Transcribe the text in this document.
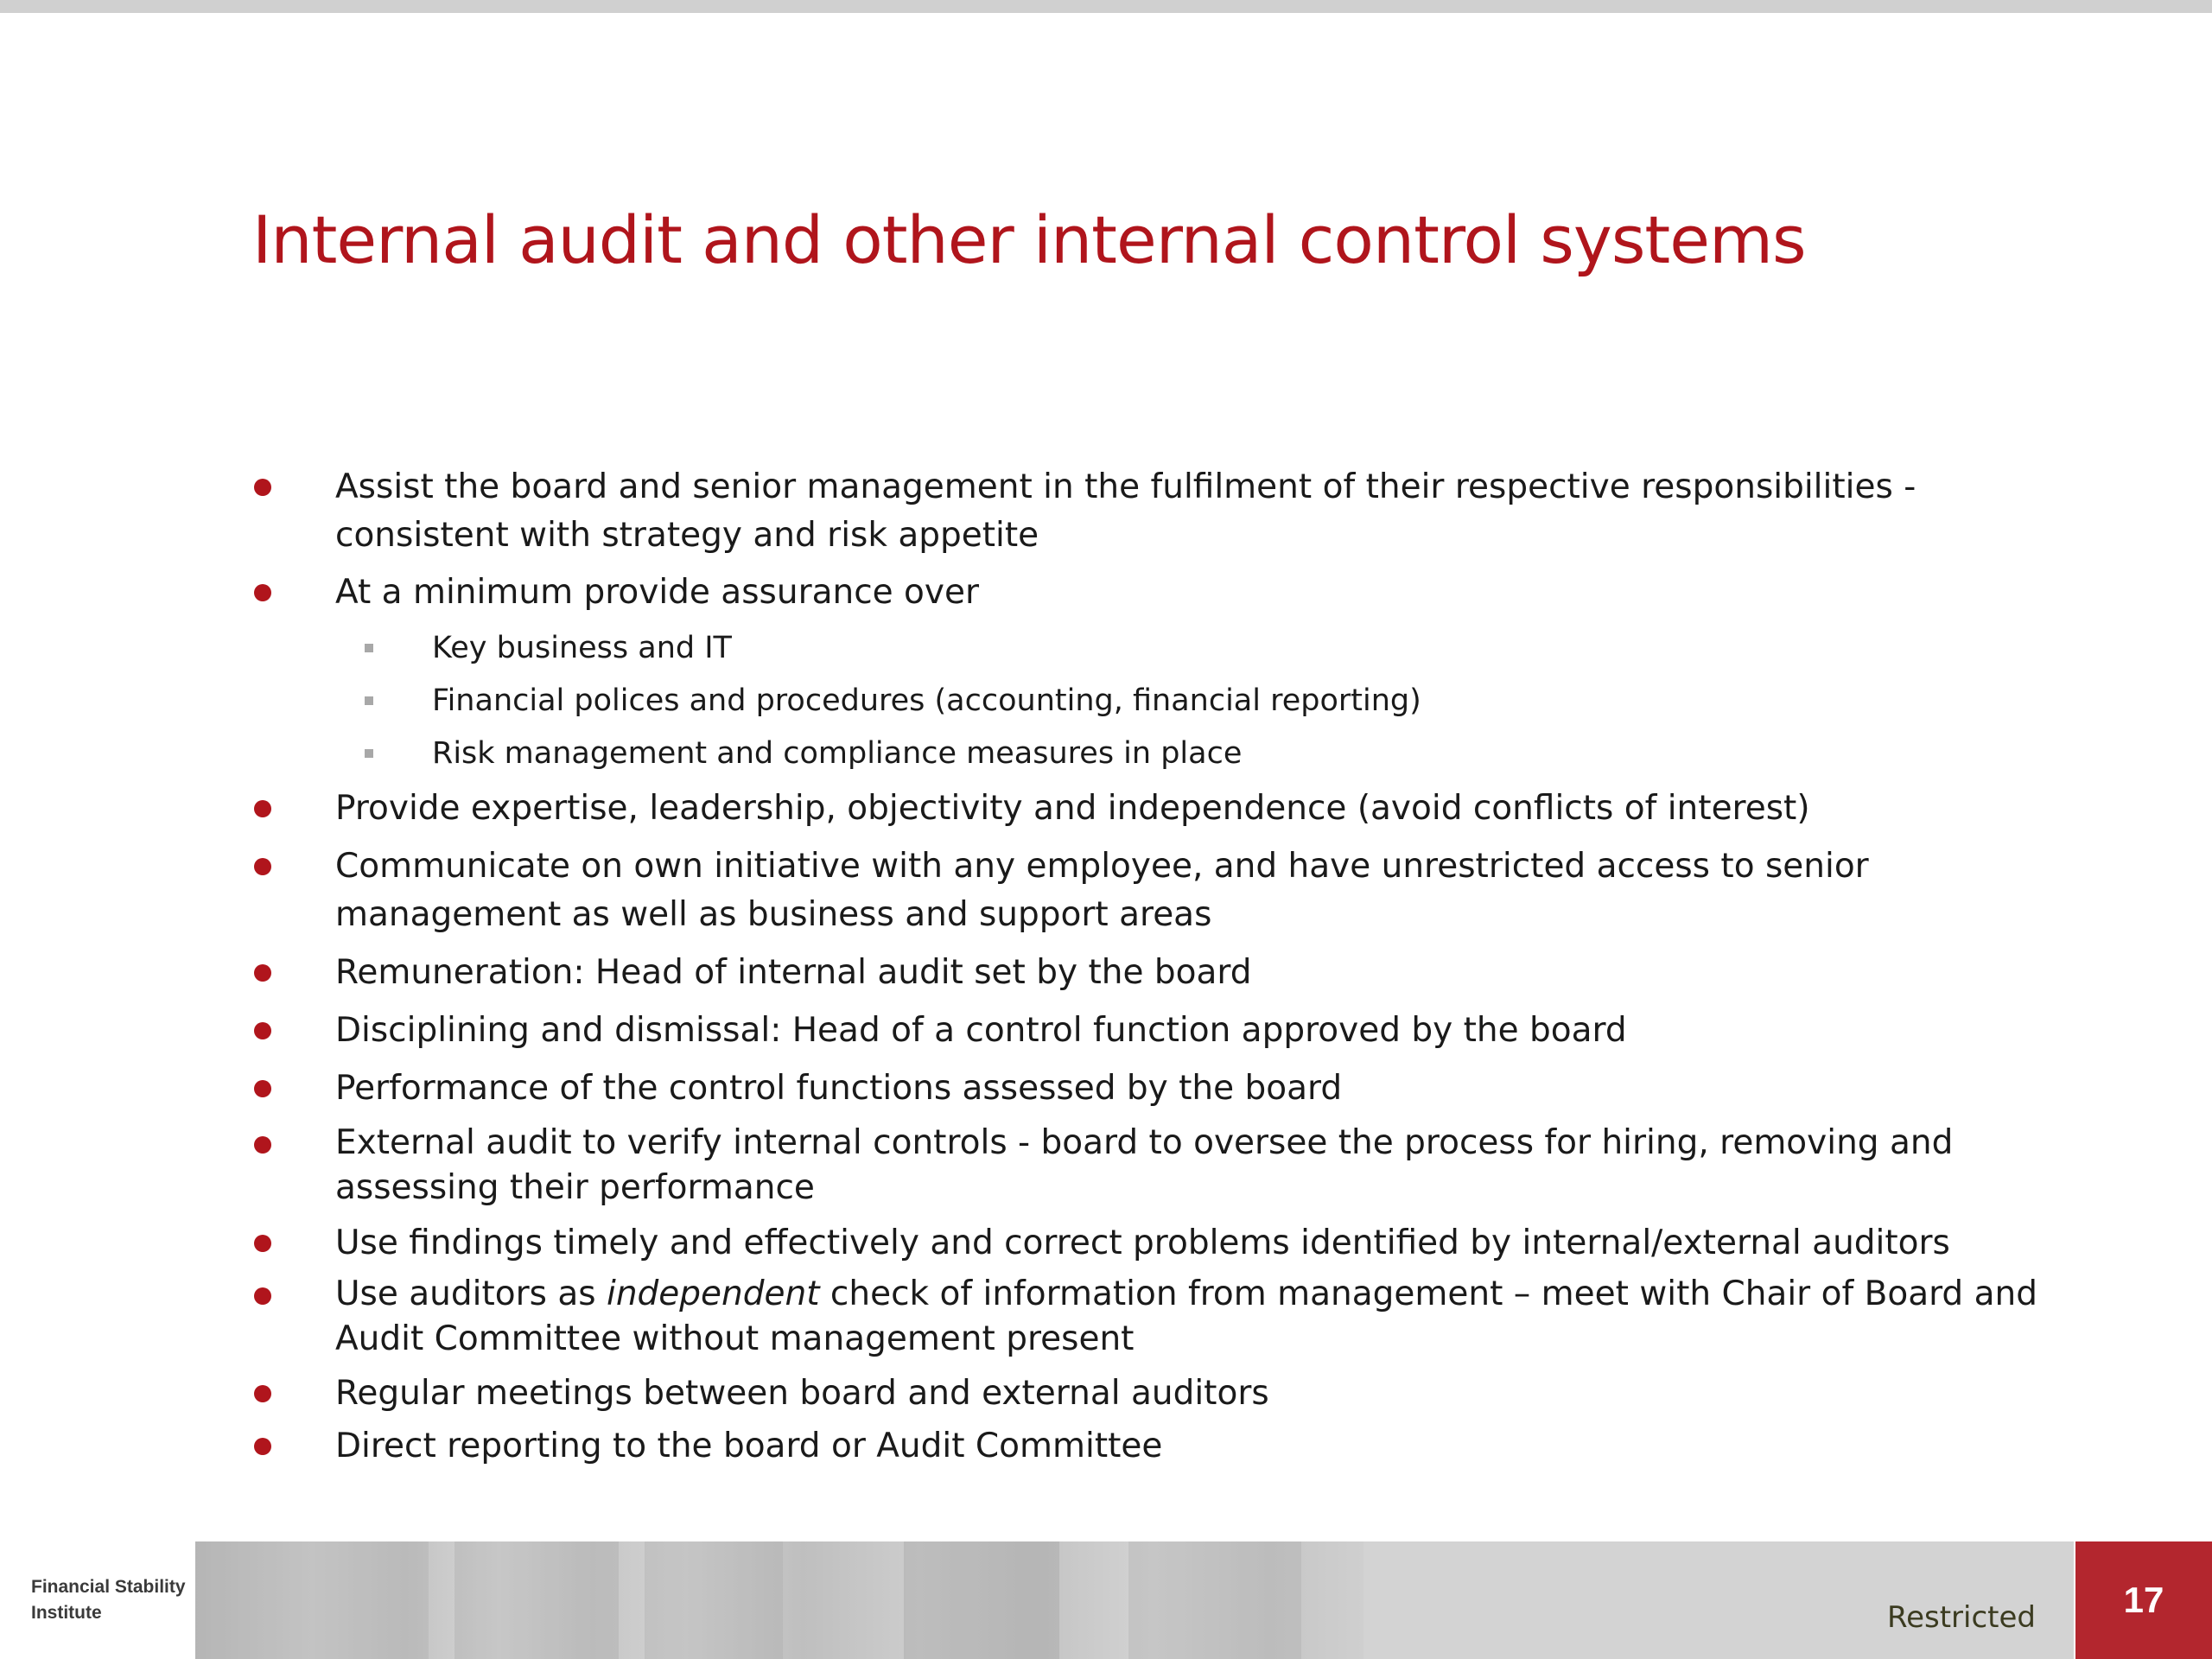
Internal audit and other internal control systems
Assist the board and senior management in the fulfilment of their respective responsibilities - consistent with strategy and risk appetite
At a minimum provide assurance over
Key business and IT
Financial polices and procedures (accounting, financial reporting)
Risk management and compliance measures in place
Provide expertise, leadership, objectivity and independence (avoid conflicts of interest)
Communicate on own initiative with any employee, and have unrestricted access to senior management as well as business and support areas
Remuneration: Head of internal audit set by the board
Disciplining and dismissal: Head of a control function approved by the board
Performance of the control functions assessed by the board
External audit to verify internal controls - board to oversee the process for hiring, removing and assessing their performance
Use findings timely and effectively and correct problems identified by internal/external auditors
Use auditors as independent check of information from management – meet with Chair of Board and Audit Committee without management present
Regular meetings between board and external auditors
Direct reporting to the board or Audit Committee
Financial Stability
Institute	Restricted	17
